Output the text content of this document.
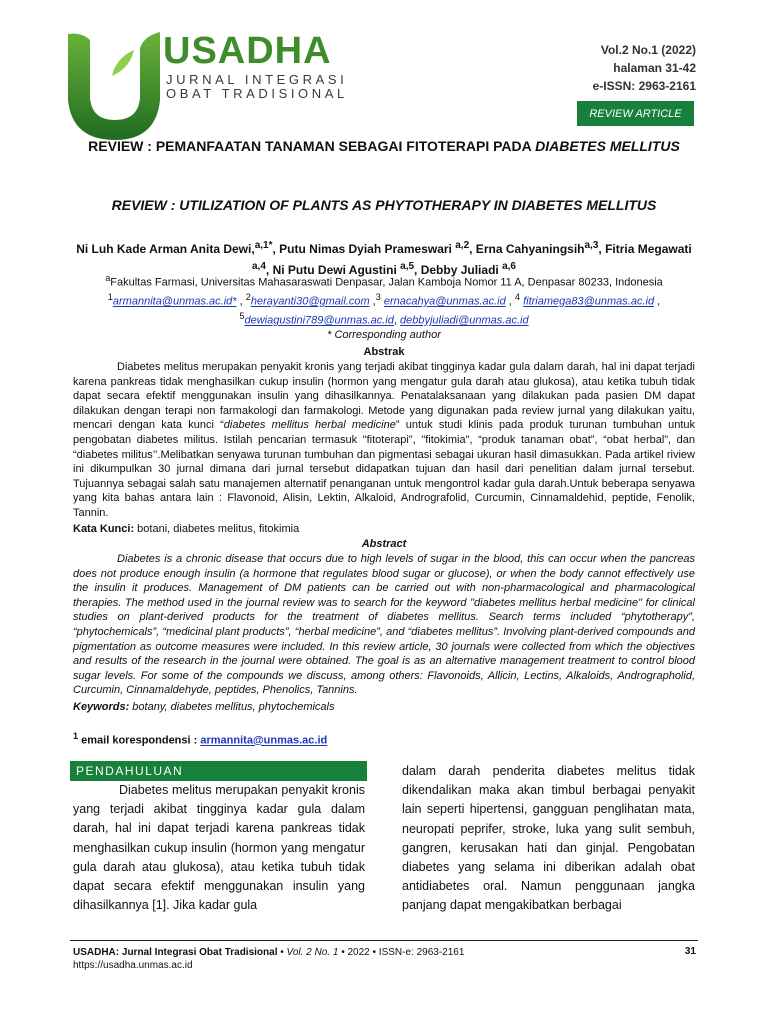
USADHA
JURNAL INTEGRASI
OBAT TRADISIONAL
Vol.2 No.1 (2022)
halaman 31-42
e-ISSN: 2963-2161
REVIEW ARTICLE
REVIEW : PEMANFAATAN TANAMAN SEBAGAI FITOTERAPI PADA DIABETES MELLITUS
REVIEW : UTILIZATION OF PLANTS AS PHYTOTHERAPY IN DIABETES MELLITUS
Ni Luh Kade Arman Anita Dewi,$^{a,1*}$, Putu Nimas Dyiah Prameswari $^{a,2}$, Erna Cahyaningsih$^{a,3}$, Fitria Megawati $^{a,4}$, Ni Putu Dewi Agustini $^{a,5}$, Debby Juliadi $^{a,6}$
$^a$Fakultas Farmasi, Universitas Mahasaraswati Denpasar, Jalan Kamboja Nomor 11 A, Denpasar 80233, Indonesia
$^1$armannita@unmas.ac.id* , $^2$herayanti30@gmail.com ,$^3$ ernacahya@unmas.ac.id , $^4$ fitriamega83@unmas.ac.id ,
$^5$dewiagustini789@unmas.ac.id, debbyjuliadi@unmas.ac.id
* Corresponding author
Abstrak
Diabetes melitus merupakan penyakit kronis yang terjadi akibat tingginya kadar gula dalam darah, hal ini dapat terjadi karena pankreas tidak menghasilkan cukup insulin (hormon yang mengatur gula darah atau glukosa), atau ketika tubuh tidak dapat secara efektif menggunakan insulin yang dihasilkannya. Penatalaksanaan yang dilakukan pada pasien DM dapat dilakukan dengan terapi non farmakologi dan farmakologi. Metode yang digunakan pada review jurnal yang dilakukan yaitu, mencari dengan kata kunci “diabetes mellitus herbal medicine” untuk studi klinis pada produk turunan tumbuhan untuk pengobatan diabetes militus. Istilah pencarian termasuk "fitoterapi", "fitokimia", “produk tanaman obat”, “obat herbal”, dan “diabetes militus’’.Melibatkan senyawa turunan tumbuhan dan pigmentasi sebagai ukuran hasil dimasukkan. Pada artikel riview ini dikumpulkan 30 jurnal dimana dari jurnal tersebut didapatkan tujuan dan hasil dari penelitian dalam jurnal tersebut. Tujuannya sebagai salah satu manajemen alternatif penanganan untuk mengontrol kadar gula darah.Untuk beberapa senyawa yang kita bahas antara lain : Flavonoid, Alisin, Lektin, Alkaloid, Andrografolid, Curcumin, Cinnamaldehid, peptide, Fenolik, Tannin.
Kata Kunci: botani, diabetes melitus, fitokimia
Abstract
Diabetes is a chronic disease that occurs due to high levels of sugar in the blood, this can occur when the pancreas does not produce enough insulin (a hormone that regulates blood sugar or glucose), or when the body cannot effectively use the insulin it produces. Management of DM patients can be carried out with non-pharmacological and pharmacological therapies. The method used in the journal review was to search for the keyword "diabetes mellitus herbal medicine" for clinical studies on plant-derived products for the treatment of diabetes mellitus. Search terms included “phytotherapy”, “phytochemicals”, “medicinal plant products”, “herbal medicine”, and “diabetes mellitus”. Involving plant-derived compounds and pigmentation as outcome measures were included. In this review article, 30 journals were collected from which the objectives and results of the research in the journal were obtained. The goal is as an alternative management treatment to control blood sugar levels. For some of the compounds we discuss, among others: Flavonoids, Allicin, Lectins, Alkaloids, Andrographolid, Curcumin, Cinnamaldehyde, peptides, Phenolics, Tannins.
Keywords: botany, diabetes mellitus, phytochemicals
$^1$ email korespondensi : armannita@unmas.ac.id
PENDAHULUAN
Diabetes melitus merupakan penyakit kronis yang terjadi akibat tingginya kadar gula dalam darah, hal ini dapat terjadi karena pankreas tidak menghasilkan cukup insulin (hormon yang mengatur gula darah atau glukosa), atau ketika tubuh tidak dapat secara efektif menggunakan insulin yang dihasilkannya [1]. Jika kadar gula
dalam darah penderita diabetes melitus tidak dikendalikan maka akan timbul berbagai penyakit lain seperti hipertensi, gangguan penglihatan mata, neuropati peprifer, stroke, luka yang sulit sembuh, gangren, kerusakan hati dan ginjal. Pengobatan diabetes yang selama ini diberikan adalah obat antidiabetes oral. Namun penggunaan jangka panjang dapat mengakibatkan berbagai
USADHA: Jurnal Integrasi Obat Tradisional • Vol. 2 No. 1 • 2022 • ISSN-e: 2963-2161
https://usadha.unmas.ac.id
31
